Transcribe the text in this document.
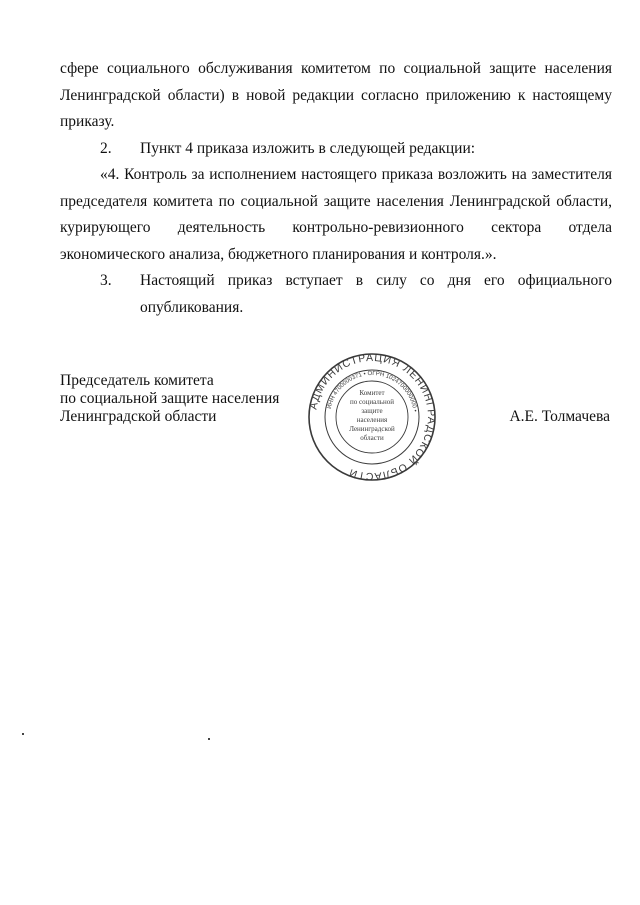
сфере социального обслуживания комитетом по социальной защите населения Ленинградской области) в новой редакции согласно приложению к настоящему приказу.

2.	Пункт 4 приказа изложить в следующей редакции:

«4. Контроль за исполнением настоящего приказа возложить на заместителя председателя комитета по социальной защите населения Ленинградской области, курирующего деятельность контрольно-ревизионного сектора отдела экономического анализа, бюджетного планирования и контроля.».

3.	Настоящий приказ вступает в силу со дня его официального опубликования.
Председатель комитета
по социальной защите населения
Ленинградской области
АДМИНИСТРАЦИЯ ЛЕНИНГРАДСКОЙ ОБЛАСТИ
ИНН 4700000371 • ОГРН 1024700000000 •
Комитет
по социальной
защите
населения
Ленинградской
области
А.Е. Толмачева
